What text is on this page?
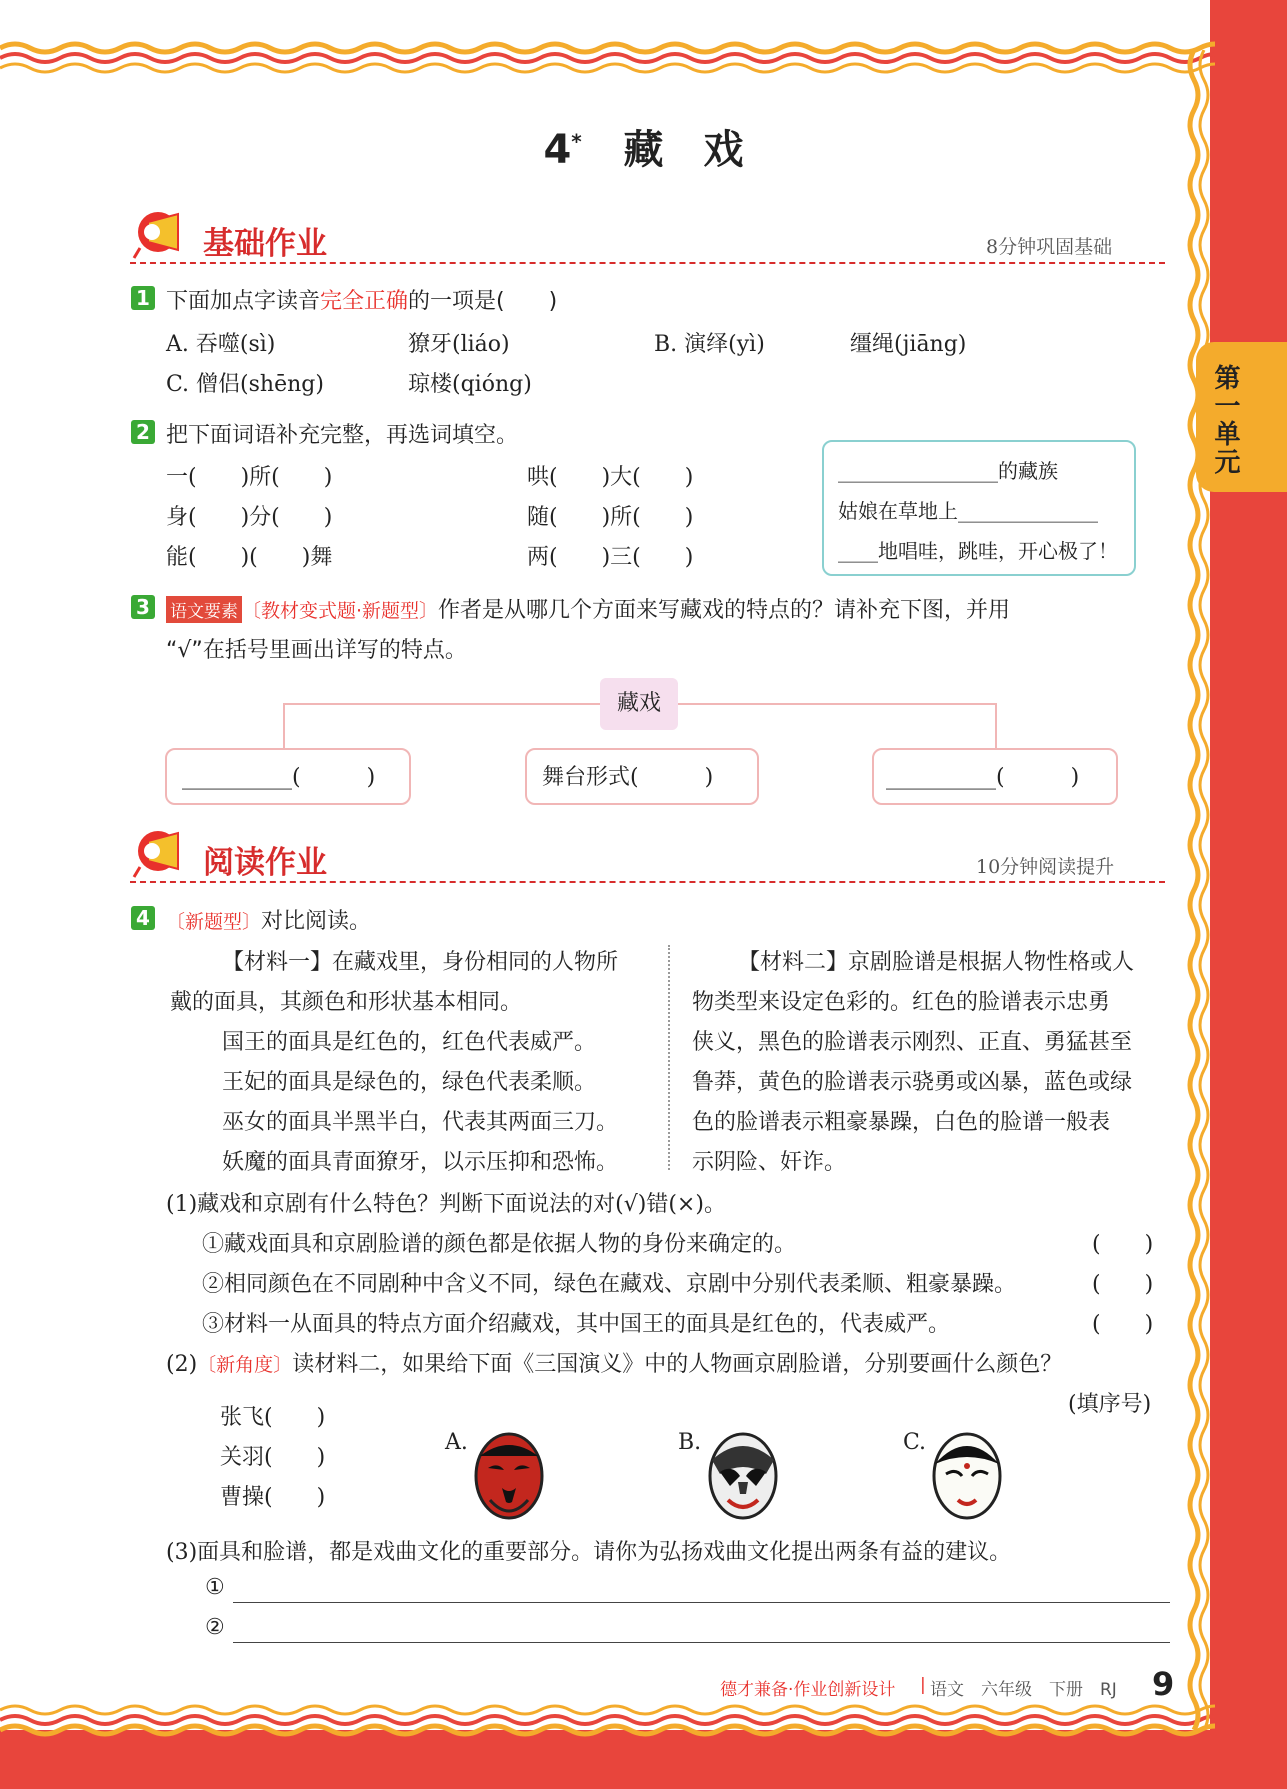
第一单元
4* 藏　戏
基础作业	8分钟巩固基础
1 下面加点字读音完全正确的一项是(　　)
A. 吞噬(sì)	獠牙(liáo)	B. 演绎(yì)	缰绳(jiāng)
C. 僧侣(shēng)	琼楼(qióng)
2 把下面词语补充完整，再选词填空。
一(　　)所(　　)	哄(　　)大(　　)
身(　　)分(　　)	随(　　)所(　　)
能(　　)(　　)舞	两(　　)三(　　)
________________的藏族
姑娘在草地上______________
____地唱哇，跳哇，开心极了！
3 语文要素 〔教材变式题·新题型〕作者是从哪几个方面来写藏戏的特点的？请补充下图，并用
“√”在括号里画出详写的特点。
藏戏
__________(　　　)	舞台形式(　　　)	__________(　　　)
阅读作业	10分钟阅读提升
4 〔新题型〕对比阅读。
【材料一】在藏戏里，身份相同的人物所
戴的面具，其颜色和形状基本相同。
国王的面具是红色的，红色代表威严。
王妃的面具是绿色的，绿色代表柔顺。
巫女的面具半黑半白，代表其两面三刀。
妖魔的面具青面獠牙，以示压抑和恐怖。
【材料二】京剧脸谱是根据人物性格或人
物类型来设定色彩的。红色的脸谱表示忠勇
侠义，黑色的脸谱表示刚烈、正直、勇猛甚至
鲁莽，黄色的脸谱表示骁勇或凶暴，蓝色或绿
色的脸谱表示粗豪暴躁，白色的脸谱一般表
示阴险、奸诈。
(1)藏戏和京剧有什么特色？判断下面说法的对(√)错(×)。
①藏戏面具和京剧脸谱的颜色都是依据人物的身份来确定的。	(　　)
②相同颜色在不同剧种中含义不同，绿色在藏戏、京剧中分别代表柔顺、粗豪暴躁。	(　　)
③材料一从面具的特点方面介绍藏戏，其中国王的面具是红色的，代表威严。	(　　)
(2)〔新角度〕读材料二，如果给下面《三国演义》中的人物画京剧脸谱，分别要画什么颜色？
(填序号)
张飞(　　)
关羽(　　)
曹操(　　)
A.	B.	C.
(3)面具和脸谱，都是戏曲文化的重要部分。请你为弘扬戏曲文化提出两条有益的建议。
①
②
德才兼备·作业创新设计 | 语文　六年级　下册　RJ 9
